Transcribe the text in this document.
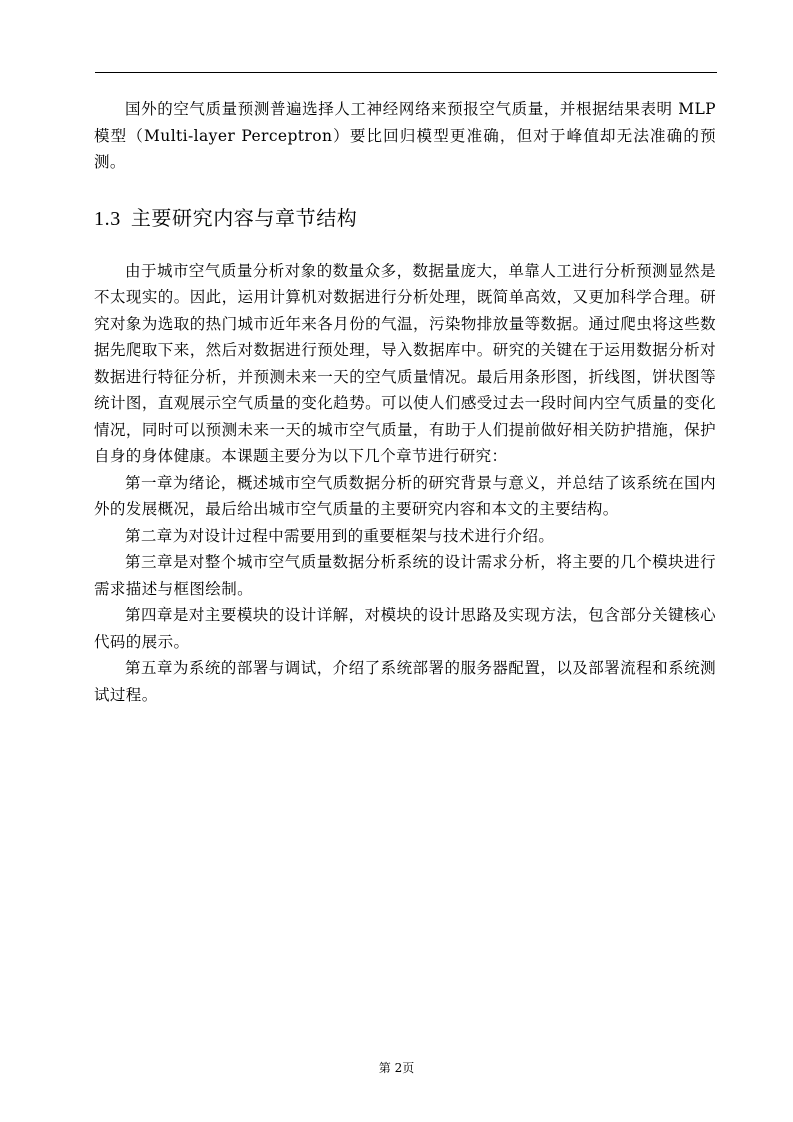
国外的空气质量预测普遍选择人工神经网络来预报空气质量，并根据结果表明 MLP 模型（Multi-layer Perceptron）要比回归模型更准确，但对于峰值却无法准确的预测。

1.3 主要研究内容与章节结构

由于城市空气质量分析对象的数量众多，数据量庞大，单靠人工进行分析预测显然是不太现实的。因此，运用计算机对数据进行分析处理，既简单高效，又更加科学合理。研究对象为选取的热门城市近年来各月份的气温，污染物排放量等数据。通过爬虫将这些数据先爬取下来，然后对数据进行预处理，导入数据库中。研究的关键在于运用数据分析对数据进行特征分析，并预测未来一天的空气质量情况。最后用条形图，折线图，饼状图等统计图，直观展示空气质量的变化趋势。可以使人们感受过去一段时间内空气质量的变化情况，同时可以预测未来一天的城市空气质量，有助于人们提前做好相关防护措施，保护自身的身体健康。本课题主要分为以下几个章节进行研究：

第一章为绪论，概述城市空气质数据分析的研究背景与意义，并总结了该系统在国内外的发展概况，最后给出城市空气质量的主要研究内容和本文的主要结构。

第二章为对设计过程中需要用到的重要框架与技术进行介绍。

第三章是对整个城市空气质量数据分析系统的设计需求分析，将主要的几个模块进行需求描述与框图绘制。

第四章是对主要模块的设计详解，对模块的设计思路及实现方法，包含部分关键核心代码的展示。

第五章为系统的部署与调试，介绍了系统部署的服务器配置，以及部署流程和系统测试过程。

第 2页
